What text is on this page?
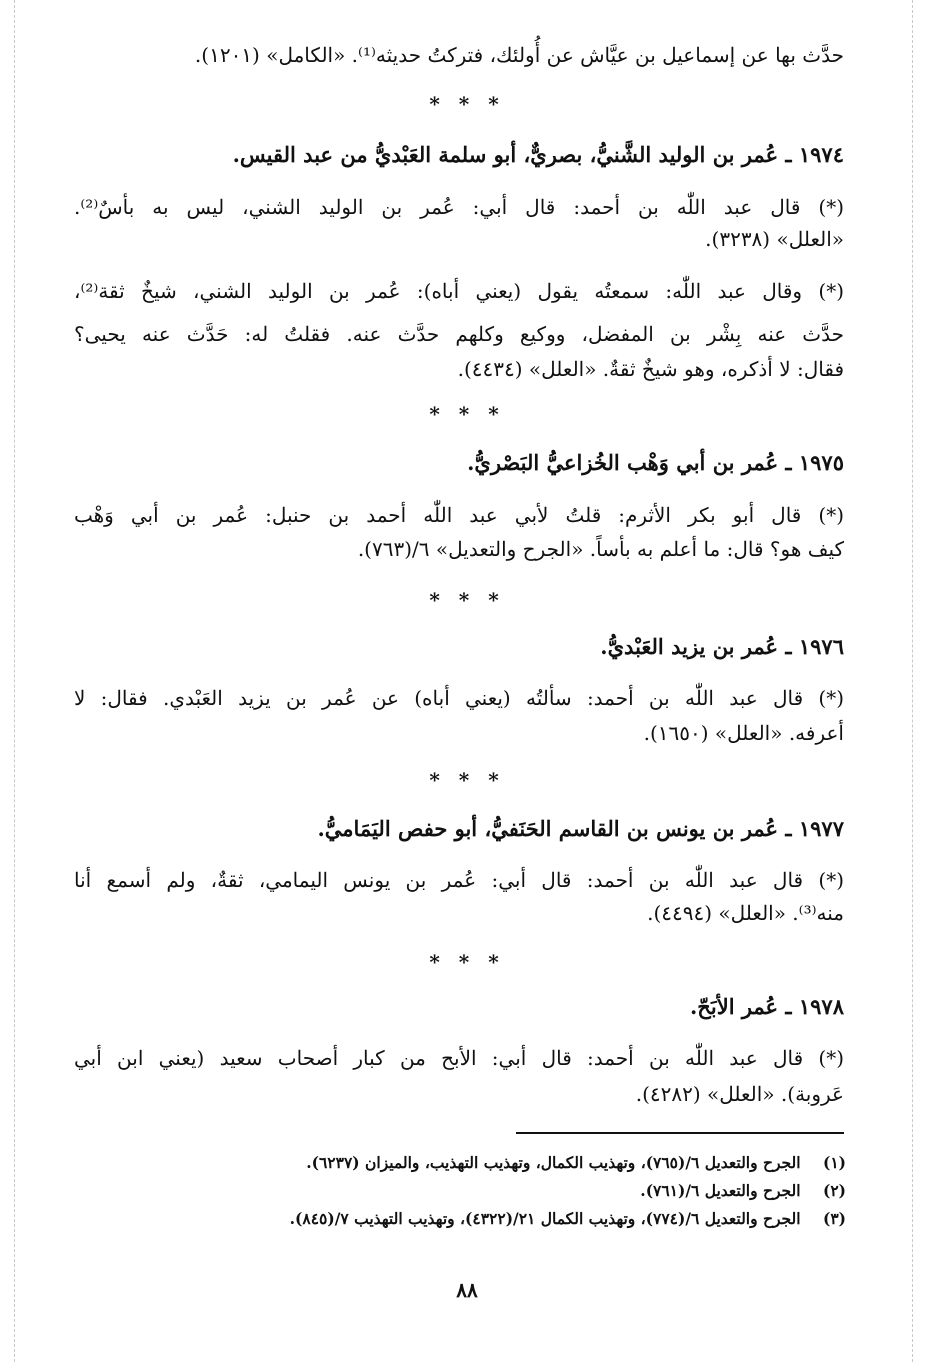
حدَّث بها عن إسماعيل بن عيَّاش عن أُولئك، فتركتُ حديثه⁽¹⁾. «الكامل» (١٢٠١).
* * *
١٩٧٤ ـ عُمر بن الوليد الشَّنيُّ، بصريٌّ، أبو سلمة العَبْديُّ من عبد القيس.
(*) قال عبد اللّٰه بن أحمد: قال أبي: عُمر بن الوليد الشني، ليس به بأسٌ⁽²⁾.
«العلل» (٣٢٣٨).
(*) وقال عبد اللّٰه: سمعتُه يقول (يعني أباه): عُمر بن الوليد الشني، شيخٌ ثقة⁽²⁾،
حدَّث عنه بِشْر بن المفضل، ووكيع وكلهم حدَّث عنه. فقلتُ له: حَدَّث عنه يحيى؟
فقال: لا أذكره، وهو شيخٌ ثقةٌ. «العلل» (٤٤٣٤).
* * *
١٩٧٥ ـ عُمر بن أبي وَهْب الخُزاعيُّ البَصْريُّ.
(*) قال أبو بكر الأثرم: قلتُ لأبي عبد اللّٰه أحمد بن حنبل: عُمر بن أبي وَهْب
كيف هو؟ قال: ما أعلم به بأساً. «الجرح والتعديل» ٦/(٧٦٣).
* * *
١٩٧٦ ـ عُمر بن يزيد العَبْديُّ.
(*) قال عبد اللّٰه بن أحمد: سألتُه (يعني أباه) عن عُمر بن يزيد العَبْدي. فقال: لا
أعرفه. «العلل» (١٦٥٠).
* * *
١٩٧٧ ـ عُمر بن يونس بن القاسم الحَنَفيُّ، أبو حفص اليَمَاميُّ.
(*) قال عبد اللّٰه بن أحمد: قال أبي: عُمر بن يونس اليمامي، ثقةٌ، ولم أسمع أنا
منه⁽³⁾. «العلل» (٤٤٩٤).
* * *
١٩٧٨ ـ عُمر الأبَحّ.
(*) قال عبد اللّٰه بن أحمد: قال أبي: الأبح من كبار أصحاب سعيد (يعني ابن أبي
عَروبة). «العلل» (٤٢٨٢).
(١) الجرح والتعديل ٦/(٧٦٥)، وتهذيب الكمال، وتهذيب التهذيب، والميزان (٦٢٣٧).
(٢) الجرح والتعديل ٦/(٧٦١).
(٣) الجرح والتعديل ٦/(٧٧٤)، وتهذيب الكمال ٢١/(٤٣٢٢)، وتهذيب التهذيب ٧/(٨٤٥).
٨٨
